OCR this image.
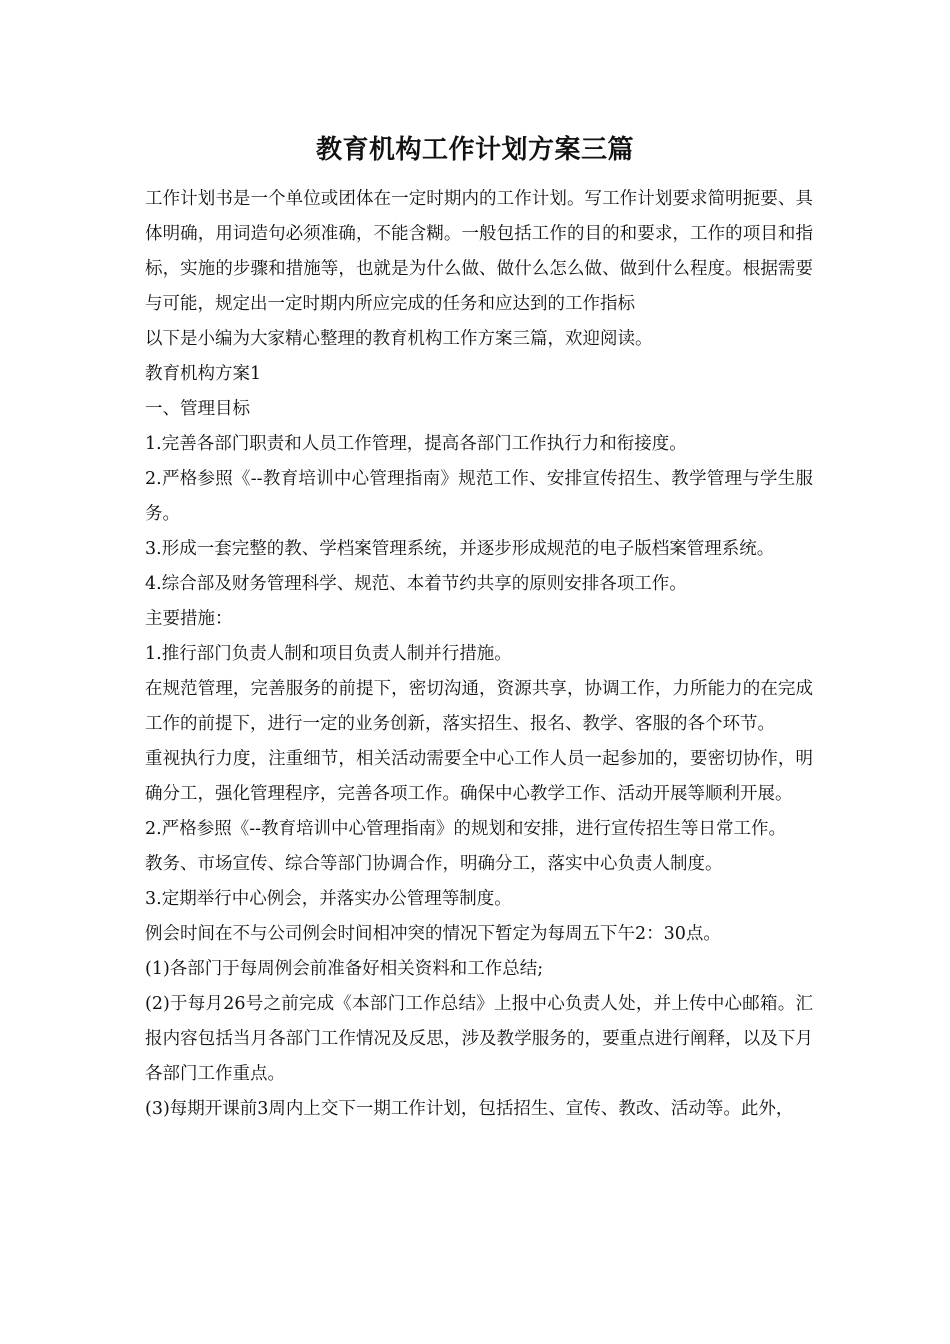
教育机构工作计划方案三篇

工作计划书是一个单位或团体在一定时期内的工作计划。写工作计划要求简明扼要、具体明确，用词造句必须准确，不能含糊。一般包括工作的目的和要求，工作的项目和指标，实施的步骤和措施等，也就是为什么做、做什么怎么做、做到什么程度。根据需要与可能，规定出一定时期内所应完成的任务和应达到的工作指标

以下是小编为大家精心整理的教育机构工作方案三篇，欢迎阅读。

教育机构方案1

一、管理目标

1.完善各部门职责和人员工作管理，提高各部门工作执行力和衔接度。

2.严格参照《--教育培训中心管理指南》规范工作、安排宣传招生、教学管理与学生服务。

3.形成一套完整的教、学档案管理系统，并逐步形成规范的电子版档案管理系统。

4.综合部及财务管理科学、规范、本着节约共享的原则安排各项工作。

主要措施：

1.推行部门负责人制和项目负责人制并行措施。

在规范管理，完善服务的前提下，密切沟通，资源共享，协调工作，力所能力的在完成工作的前提下，进行一定的业务创新，落实招生、报名、教学、客服的各个环节。

重视执行力度，注重细节，相关活动需要全中心工作人员一起参加的，要密切协作，明确分工，强化管理程序，完善各项工作。确保中心教学工作、活动开展等顺利开展。

2.严格参照《--教育培训中心管理指南》的规划和安排，进行宣传招生等日常工作。

教务、市场宣传、综合等部门协调合作，明确分工，落实中心负责人制度。

3.定期举行中心例会，并落实办公管理等制度。

例会时间在不与公司例会时间相冲突的情况下暂定为每周五下午2：30点。

(1)各部门于每周例会前准备好相关资料和工作总结;

(2)于每月26号之前完成《本部门工作总结》上报中心负责人处，并上传中心邮箱。汇报内容包括当月各部门工作情况及反思，涉及教学服务的，要重点进行阐释，以及下月各部门工作重点。

(3)每期开课前3周内上交下一期工作计划，包括招生、宣传、教改、活动等。此外，
